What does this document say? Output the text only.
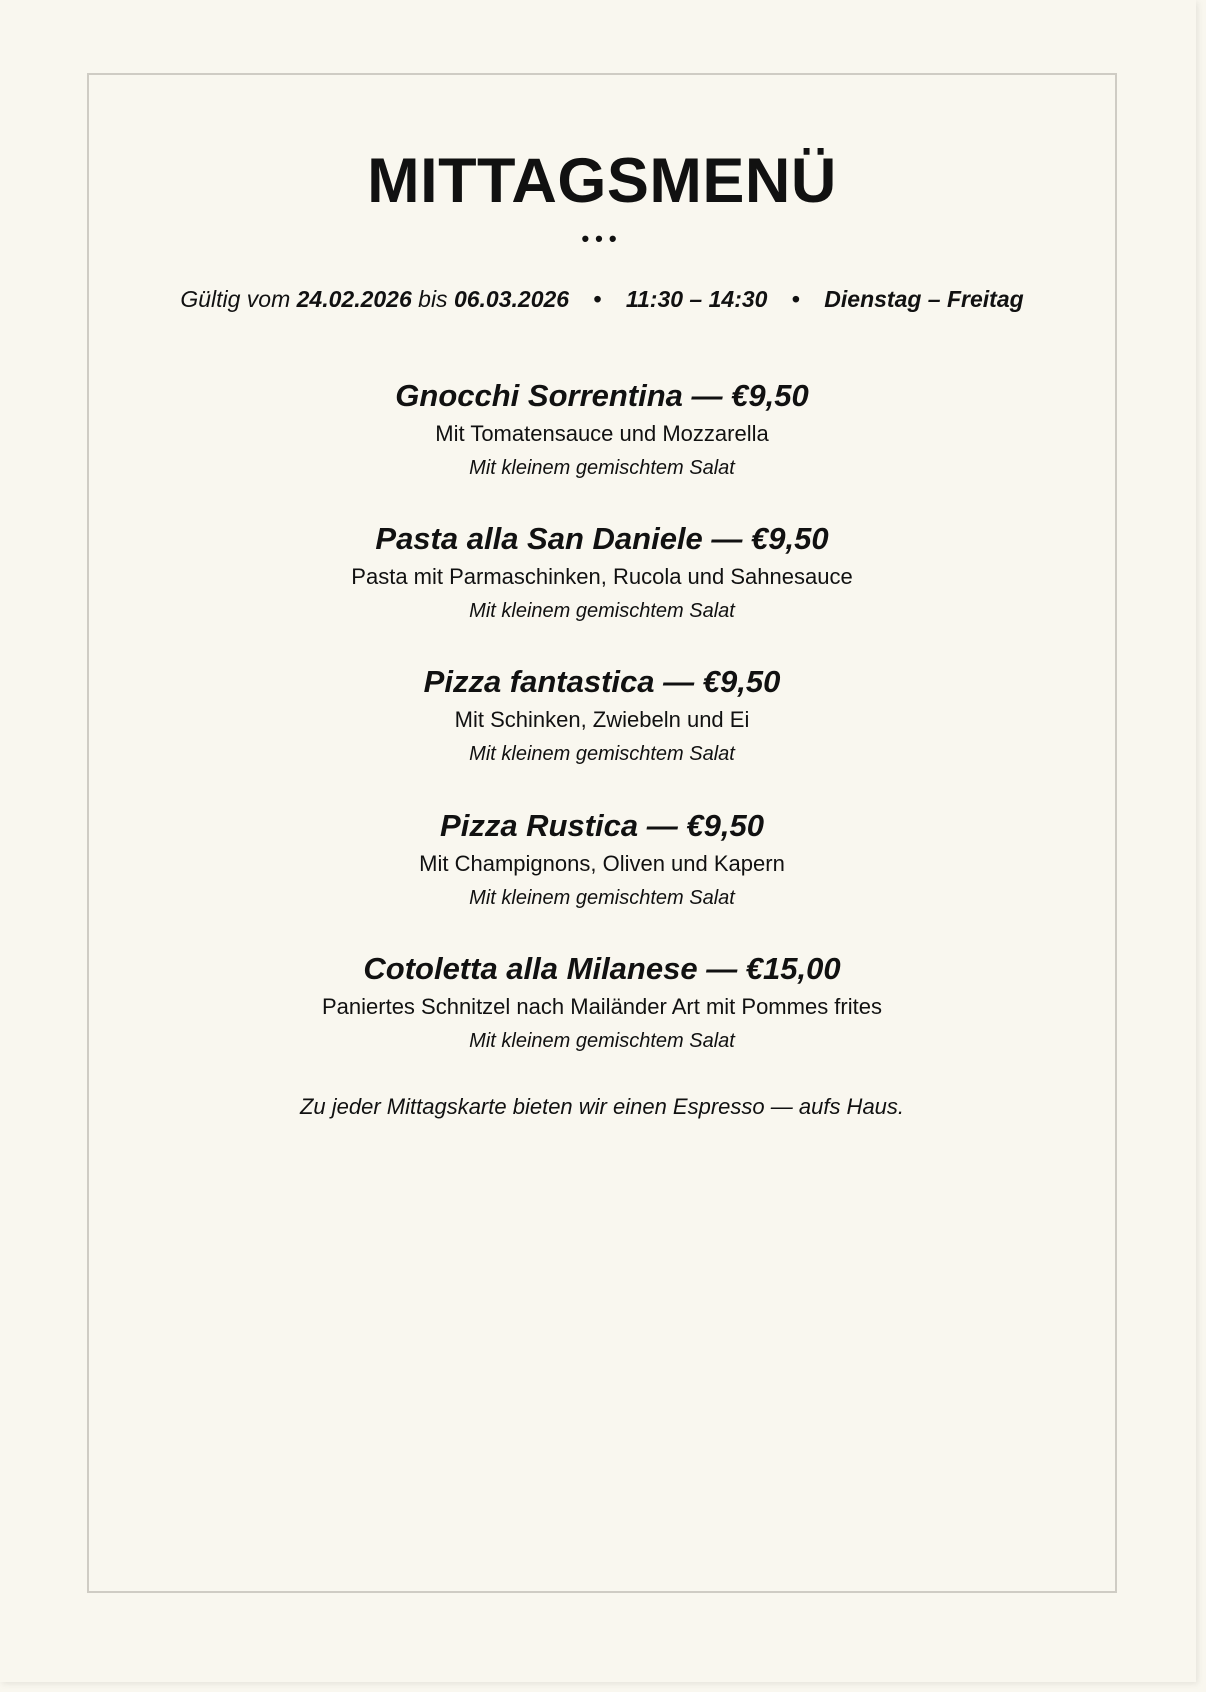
MITTAGSMENÜ
•••
Gültig vom 24.02.2026 bis 06.03.2026 • 11:30 – 14:30 • Dienstag – Freitag
Gnocchi Sorrentina — €9,50
Mit Tomatensauce und Mozzarella
Mit kleinem gemischtem Salat
Pasta alla San Daniele — €9,50
Pasta mit Parmaschinken, Rucola und Sahnesauce
Mit kleinem gemischtem Salat
Pizza fantastica — €9,50
Mit Schinken, Zwiebeln und Ei
Mit kleinem gemischtem Salat
Pizza Rustica — €9,50
Mit Champignons, Oliven und Kapern
Mit kleinem gemischtem Salat
Cotoletta alla Milanese — €15,00
Paniertes Schnitzel nach Mailänder Art mit Pommes frites
Mit kleinem gemischtem Salat
Zu jeder Mittagskarte bieten wir einen Espresso — aufs Haus.
